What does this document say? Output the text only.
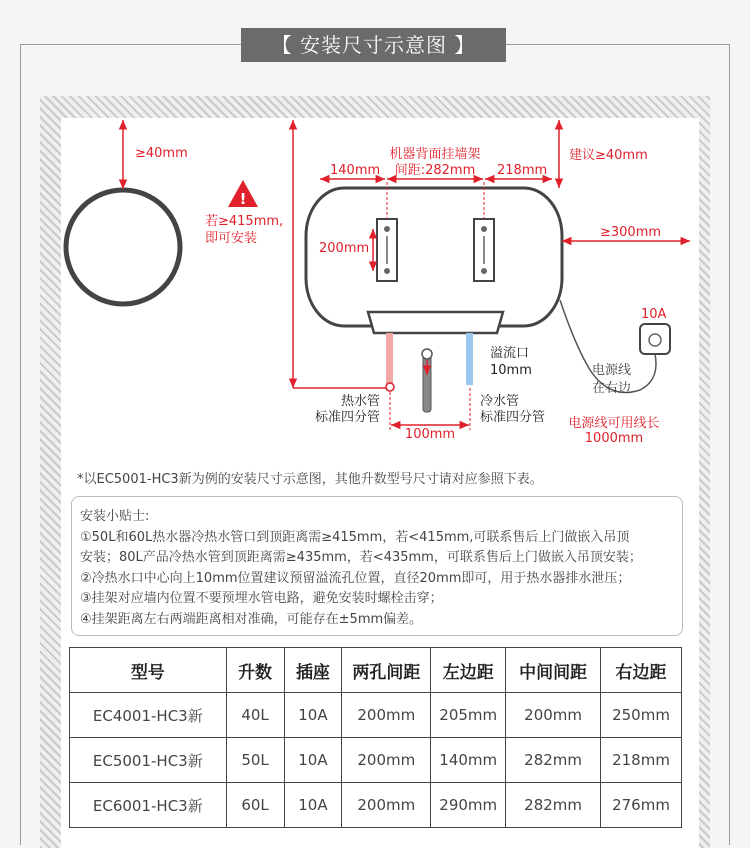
【 安装尺寸示意图 】
≥40mm
!
若≥415mm,
即可安装
200mm
140mm	218mm
机器背面挂墙架
间距:282mm
建议≥40mm
≥300mm
10A
电源线
在右边
电源线可用线长
1000mm
溢流口
10mm
热水管
标准四分管
冷水管
标准四分管
100mm
*以EC5001-HC3新为例的安装尺寸示意图，其他升数型号尺寸请对应参照下表。
安装小贴士:
①50L和60L热水器冷热水管口到顶距离需≥415mm，若<415mm,可联系售后上门做嵌入吊顶
安装；80L产品冷热水管到顶距离需≥435mm，若<435mm，可联系售后上门做嵌入吊顶安装；
②冷热水口中心向上10mm位置建议预留溢流孔位置，直径20mm即可，用于热水器排水泄压；
③挂架对应墙内位置不要预埋水管电路，避免安装时螺栓击穿；
④挂架距离左右两端距离相对准确，可能存在±5mm偏差。
型号	升数	插座	两孔间距	左边距	中间间距	右边距
EC4001-HC3新	40L	10A	200mm	205mm	200mm	250mm
EC5001-HC3新	50L	10A	200mm	140mm	282mm	218mm
EC6001-HC3新	60L	10A	200mm	290mm	282mm	276mm
